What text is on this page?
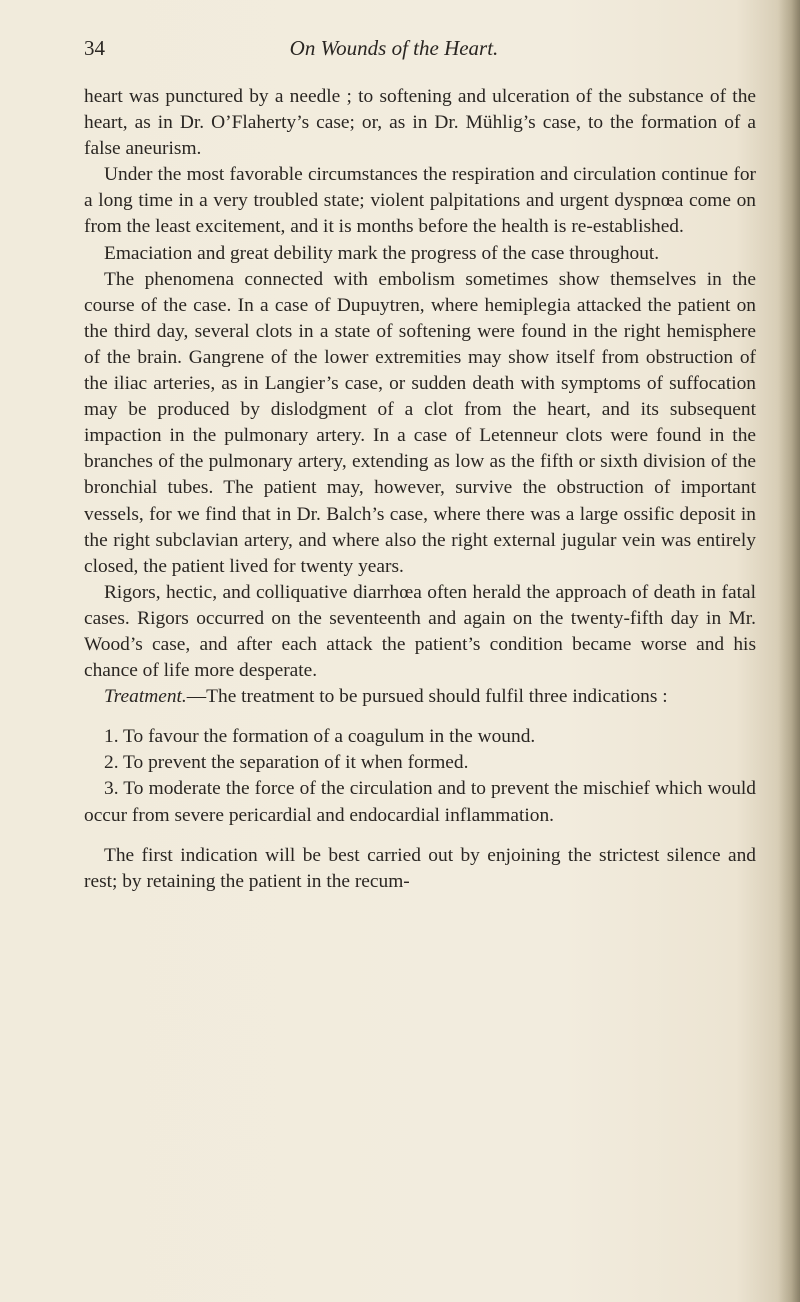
34	On Wounds of the Heart.

heart was punctured by a needle ; to softening and ulceration of the substance of the heart, as in Dr. O’Flaherty’s case; or, as in Dr. Mühlig’s case, to the formation of a false aneurism.

Under the most favorable circumstances the respiration and circulation continue for a long time in a very troubled state; violent palpitations and urgent dyspnœa come on from the least excitement, and it is months before the health is re-established.

Emaciation and great debility mark the progress of the case throughout.

The phenomena connected with embolism sometimes show themselves in the course of the case. In a case of Dupuytren, where hemiplegia attacked the patient on the third day, several clots in a state of softening were found in the right hemisphere of the brain. Gangrene of the lower extremities may show itself from obstruction of the iliac arteries, as in Langier’s case, or sudden death with symptoms of suffocation may be produced by dislodgment of a clot from the heart, and its subsequent impaction in the pulmonary artery. In a case of Letenneur clots were found in the branches of the pulmonary artery, extending as low as the fifth or sixth division of the bronchial tubes. The patient may, however, survive the obstruction of important vessels, for we find that in Dr. Balch’s case, where there was a large ossific deposit in the right subclavian artery, and where also the right external jugular vein was entirely closed, the patient lived for twenty years.

Rigors, hectic, and colliquative diarrhœa often herald the approach of death in fatal cases. Rigors occurred on the seventeenth and again on the twenty-fifth day in Mr. Wood’s case, and after each attack the patient’s condition became worse and his chance of life more desperate.

Treatment.—The treatment to be pursued should fulfil three indications :

1. To favour the formation of a coagulum in the wound.

2. To prevent the separation of it when formed.

3. To moderate the force of the circulation and to prevent the mischief which would occur from severe pericardial and endocardial inflammation.

The first indication will be best carried out by enjoining the strictest silence and rest; by retaining the patient in the recum-
